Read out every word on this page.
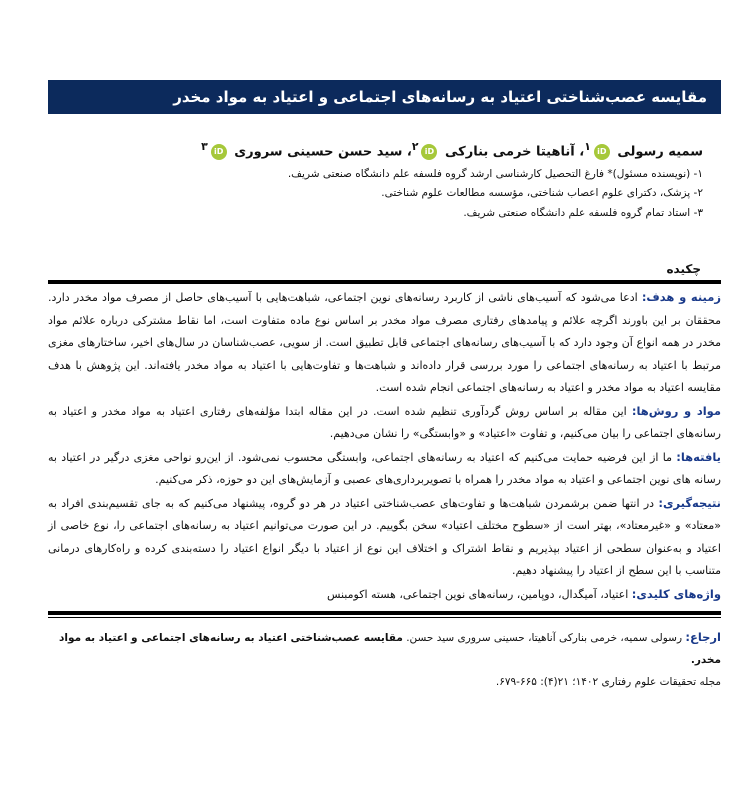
مقایسه عصب‌شناختی اعتیاد به رسانه‌های اجتماعی و اعتیاد به مواد مخدر
سمیه رسولی $iD^۱،$ آناهیتا خرمی بنارکی $iD^۲،$ سید حسن حسینی سروری $iD^۳$
۱- (نویسنده مسئول)* فارغ التحصیل کارشناسی ارشد گروه فلسفه علم دانشگاه صنعتی شریف.
۲- پزشک، دکترای علوم اعصاب شناختی، مؤسسه مطالعات علوم شناختی.
۳- استاد تمام گروه فلسفه علم دانشگاه صنعتی شریف.
چکیده

زمینه و هدف: ادعا می‌شود که آسیب‌های ناشی از کاربرد رسانه‌های نوین اجتماعی، شباهت‌هایی با آسیب‌های حاصل از مصرف مواد مخدر دارد. محققان بر این باورند اگرچه علائم و پیامدهای رفتاری مصرف مواد مخدر بر اساس نوع ماده متفاوت است، اما نقاط مشترکی درباره علائم مواد مخدر در همه انواع آن وجود دارد که با آسیب‌های رسانه‌های اجتماعی قابل تطبیق است. از سویی، عصب‌شناسان در سال‌های اخیر، ساختارهای مغزی مرتبط با اعتیاد به رسانه‌های اجتماعی را مورد بررسی قرار داده‌اند و شباهت‌ها و تفاوت‌هایی با اعتیاد به مواد مخدر یافته‌اند. این پژوهش با هدف مقایسه اعتیاد به مواد مخدر و اعتیاد به رسانه‌های اجتماعی انجام شده است.

مواد و روش‌ها: این مقاله بر اساس روش گردآوری تنظیم شده است. در این مقاله ابتدا مؤلفه‌های رفتاری اعتیاد به مواد مخدر و اعتیاد به رسانه‌های اجتماعی را بیان می‌کنیم، و تفاوت «اعتیاد» و «وابستگی» را نشان می‌دهیم.

یافته‌ها: ما از این فرضیه حمایت می‌کنیم که اعتیاد به رسانه‌های اجتماعی، وابستگی محسوب نمی‌شود. از این‌رو نواحی مغزی درگیر در اعتیاد به رسانه های نوین اجتماعی و اعتیاد به مواد مخدر را همراه با تصویربرداری‌های عصبی و آزمایش‌های این دو حوزه، ذکر می‌کنیم.

نتیجه‌گیری: در انتها ضمن برشمردن شباهت‌ها و تفاوت‌های عصب‌شناختی اعتیاد در هر دو گروه، پیشنهاد می‌کنیم که به جای تقسیم‌بندی افراد به «معتاد» و «غیرمعتاد»، بهتر است از «سطوح مختلف اعتیاد» سخن بگوییم. در این صورت می‌توانیم اعتیاد به رسانه‌های اجتماعی را، نوع خاصی از اعتیاد و به‌عنوان سطحی از اعتیاد بپذیریم و نقاط اشتراک و اختلاف این نوع از اعتیاد با دیگر انواع اعتیاد را دسته‌بندی کرده و راه‌کارهای درمانی متناسب با این سطح از اعتیاد را پیشنهاد دهیم.

واژه‌های کلیدی: اعتیاد، آمیگدال، دوپامین، رسانه‌های نوین اجتماعی، هسته اکومبنس

ارجاع: رسولی سمیه، خرمی بنارکی آناهیتا، حسینی سروری سید حسن. مقایسه عصب‌شناختی اعتیاد به رسانه‌های اجتماعی و اعتیاد به مواد مخدر.
مجله تحقیقات علوم رفتاری ۱۴۰۲؛ ۲۱(۴): ۶۶۵-۶۷۹.
